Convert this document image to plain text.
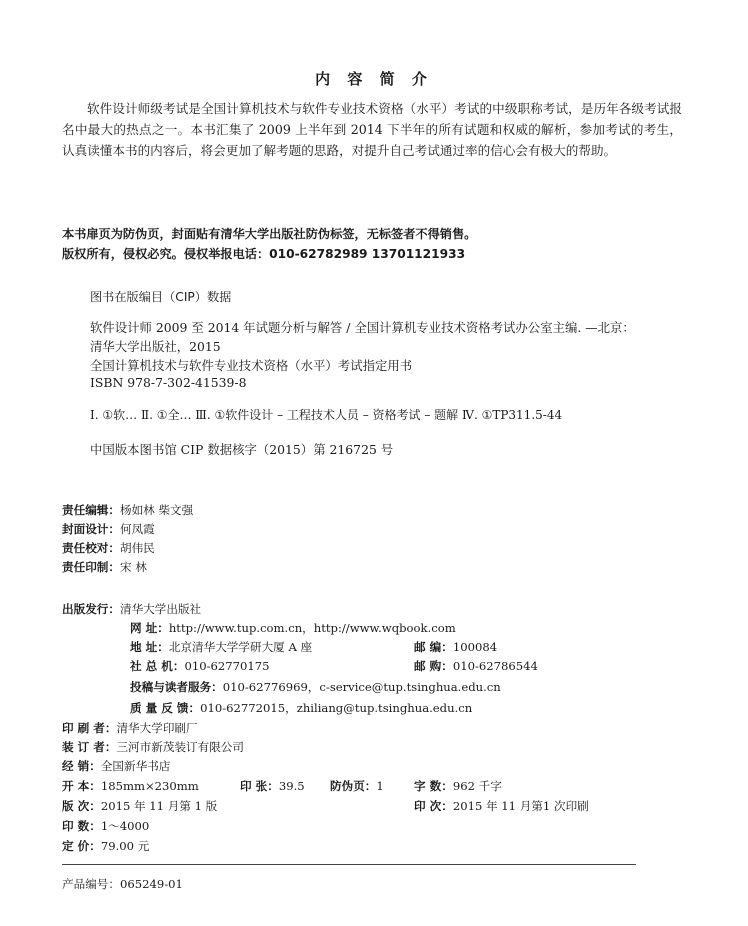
内 容 简 介
软件设计师级考试是全国计算机技术与软件专业技术资格（水平）考试的中级职称考试，是历年各级考试报名中最大的热点之一。本书汇集了 2009 上半年到 2014 下半年的所有试题和权威的解析，参加考试的考生，认真读懂本书的内容后，将会更加了解考题的思路，对提升自己考试通过率的信心会有极大的帮助。
本书扉页为防伪页，封面贴有清华大学出版社防伪标签，无标签者不得销售。
版权所有，侵权必究。侵权举报电话：010-62782989 13701121933
图书在版编目（CIP）数据
软件设计师 2009 至 2014 年试题分析与解答 / 全国计算机专业技术资格考试办公室主编. —北京：
清华大学出版社，2015
全国计算机技术与软件专业技术资格（水平）考试指定用书
ISBN 978-7-302-41539-8
Ⅰ. ①软… Ⅱ. ①全… Ⅲ. ①软件设计 – 工程技术人员 – 资格考试 – 题解 Ⅳ. ①TP311.5-44
中国版本图书馆 CIP 数据核字（2015）第 216725 号
责任编辑：杨如林 柴文强
封面设计：何凤霞
责任校对：胡伟民
责任印制：宋 林
出版发行：清华大学出版社
网 址：http://www.tup.com.cn，http://www.wqbook.com
地 址：北京清华大学学研大厦 A 座	邮 编：100084
社 总 机：010-62770175	邮 购：010-62786544
投稿与读者服务：010-62776969，c-service@tup.tsinghua.edu.cn
质 量 反 馈：010-62772015，zhiliang@tup.tsinghua.edu.cn
印 刷 者：清华大学印刷厂
装 订 者：三河市新茂装订有限公司
经 销：全国新华书店
开 本：185mm×230mm	印 张：39.5 防伪页：1	字 数：962 千字
版 次：2015 年 11 月第 1 版	印 次：2015 年 11 月第1 次印刷
印 数：1～4000
定 价：79.00 元
产品编号：065249-01
